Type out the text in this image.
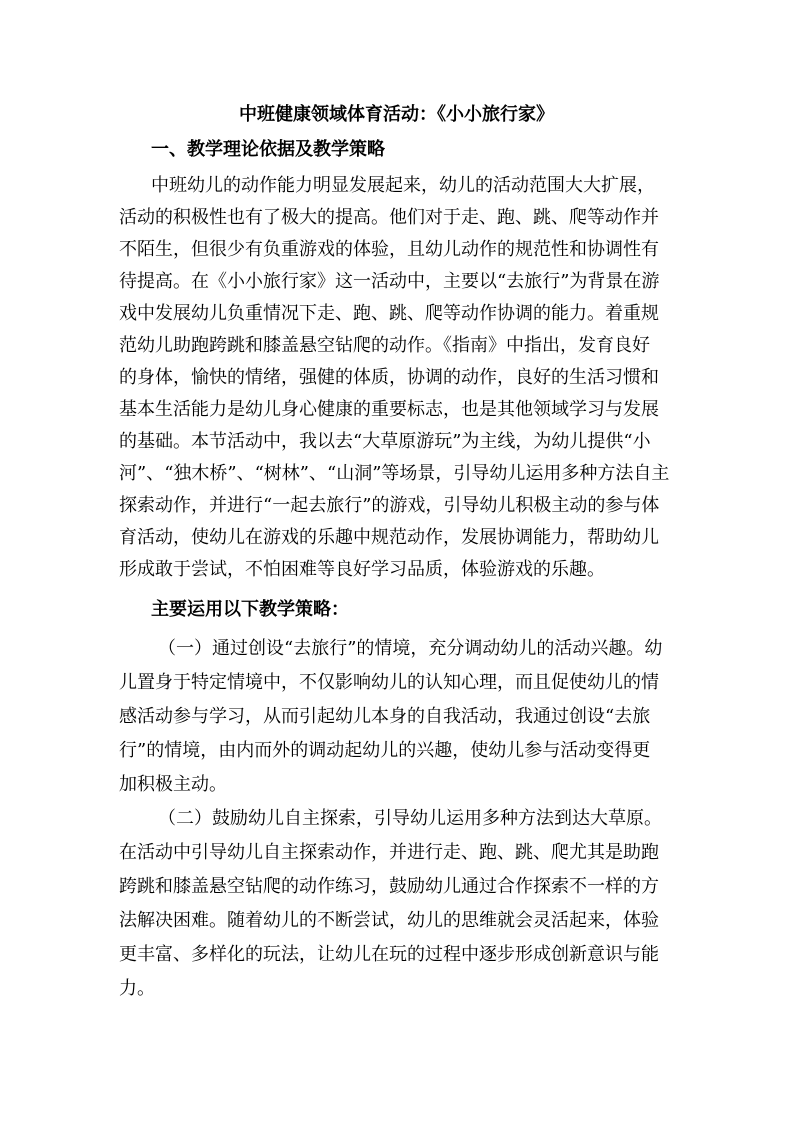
中班健康领域体育活动：《小小旅行家》
一、教学理论依据及教学策略
中班幼儿的动作能力明显发展起来，幼儿的活动范围大大扩展，
活动的积极性也有了极大的提高。他们对于走、跑、跳、爬等动作并
不陌生，但很少有负重游戏的体验，且幼儿动作的规范性和协调性有
待提高。在《小小旅行家》这一活动中，主要以“去旅行”为背景在游
戏中发展幼儿负重情况下走、跑、跳、爬等动作协调的能力。着重规
范幼儿助跑跨跳和膝盖悬空钻爬的动作。《指南》中指出，发育良好
的身体，愉快的情绪，强健的体质，协调的动作，良好的生活习惯和
基本生活能力是幼儿身心健康的重要标志，也是其他领域学习与发展
的基础。本节活动中，我以去“大草原游玩”为主线，为幼儿提供“小
河”、“独木桥”、“树林”、“山洞”等场景，引导幼儿运用多种方法自主
探索动作，并进行“一起去旅行”的游戏，引导幼儿积极主动的参与体
育活动，使幼儿在游戏的乐趣中规范动作，发展协调能力，帮助幼儿
形成敢于尝试，不怕困难等良好学习品质，体验游戏的乐趣。
主要运用以下教学策略：
（一）通过创设“去旅行”的情境，充分调动幼儿的活动兴趣。幼
儿置身于特定情境中，不仅影响幼儿的认知心理，而且促使幼儿的情
感活动参与学习，从而引起幼儿本身的自我活动，我通过创设“去旅
行”的情境，由内而外的调动起幼儿的兴趣，使幼儿参与活动变得更
加积极主动。
（二）鼓励幼儿自主探索，引导幼儿运用多种方法到达大草原。
在活动中引导幼儿自主探索动作，并进行走、跑、跳、爬尤其是助跑
跨跳和膝盖悬空钻爬的动作练习，鼓励幼儿通过合作探索不一样的方
法解决困难。随着幼儿的不断尝试，幼儿的思维就会灵活起来，体验
更丰富、多样化的玩法，让幼儿在玩的过程中逐步形成创新意识与能
力。
